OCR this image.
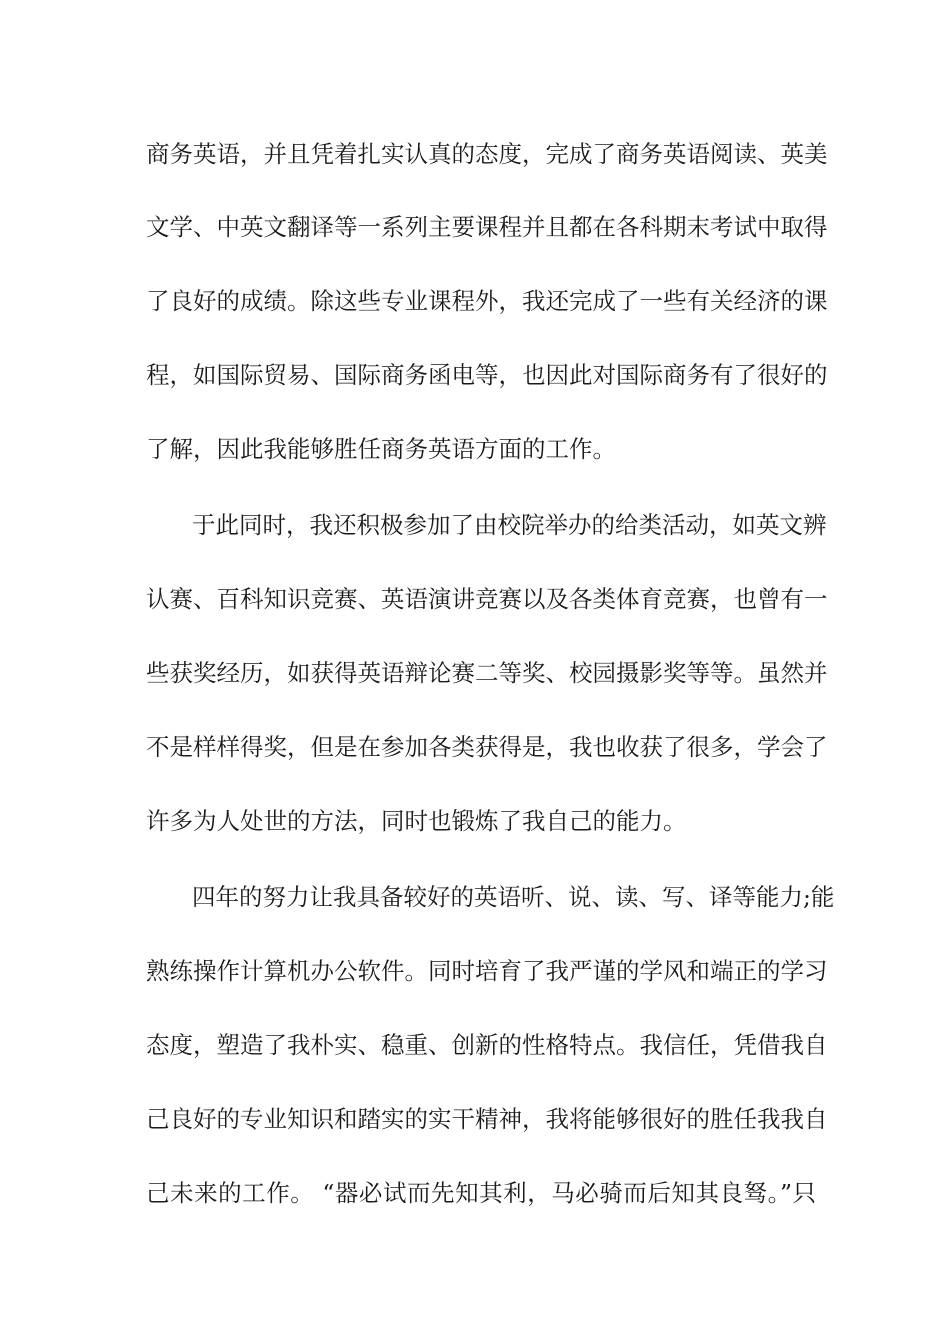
商务英语，并且凭着扎实认真的态度，完成了商务英语阅读、英美
文学、中英文翻译等一系列主要课程并且都在各科期末考试中取得
了良好的成绩。除这些专业课程外，我还完成了一些有关经济的课
程，如国际贸易、国际商务函电等，也因此对国际商务有了很好的
了解，因此我能够胜任商务英语方面的工作。
于此同时，我还积极参加了由校院举办的给类活动，如英文辨
认赛、百科知识竞赛、英语演讲竞赛以及各类体育竞赛，也曾有一
些获奖经历，如获得英语辩论赛二等奖、校园摄影奖等等。虽然并
不是样样得奖，但是在参加各类获得是，我也收获了很多，学会了
许多为人处世的方法，同时也锻炼了我自己的能力。
四年的努力让我具备较好的英语听、说、读、写、译等能力;能
熟练操作计算机办公软件。同时培育了我严谨的学风和端正的学习
态度，塑造了我朴实、稳重、创新的性格特点。我信任，凭借我自
己良好的专业知识和踏实的实干精神，我将能够很好的胜任我我自
己未来的工作。 “器必试而先知其利，马必骑而后知其良驽。”只
